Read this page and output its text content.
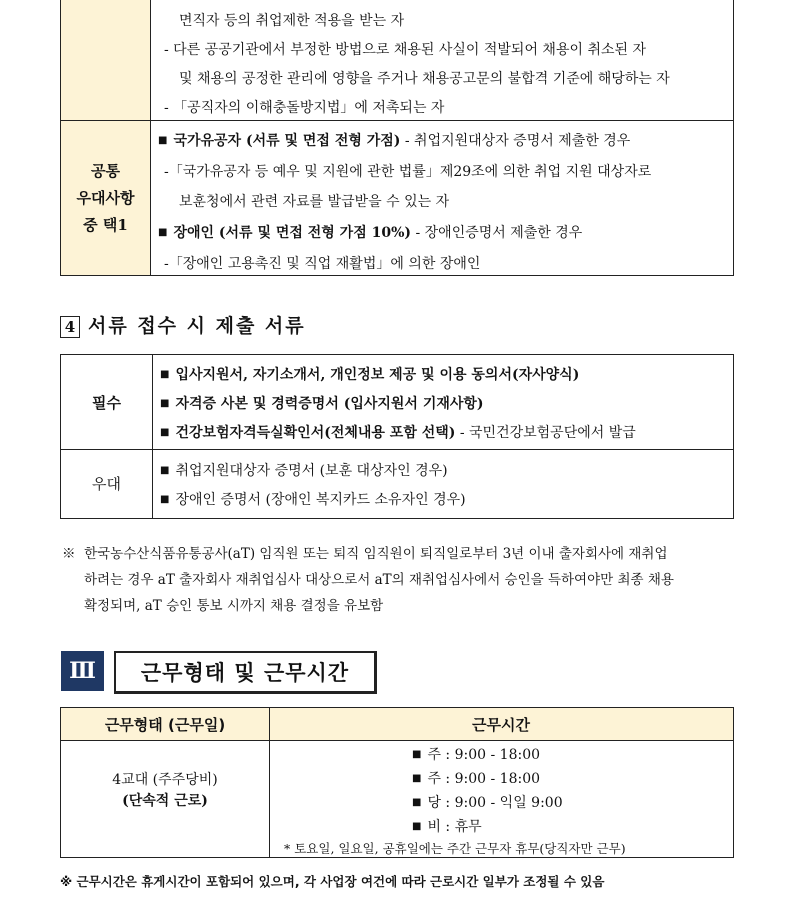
공통
우대사항
중 택1
면직자 등의 취업제한 적용을 받는 자
- 다른 공공기관에서 부정한 방법으로 채용된 사실이 적발되어 채용이 취소된 자
및 채용의 공정한 관리에 영향을 주거나 채용공고문의 불합격 기준에 해당하는 자
- 「공직자의 이해충돌방지법」에 저촉되는 자
■ 국가유공자 (서류 및 면접 전형 가점) - 취업지원대상자 증명서 제출한 경우
-「국가유공자 등 예우 및 지원에 관한 법률」제29조에 의한 취업 지원 대상자로
보훈청에서 관련 자료를 발급받을 수 있는 자
■ 장애인 (서류 및 면접 전형 가점 10%) - 장애인증명서 제출한 경우
-「장애인 고용촉진 및 직업 재활법」에 의한 장애인
4 서류 접수 시 제출 서류
필수
우대
■ 입사지원서, 자기소개서, 개인정보 제공 및 이용 동의서(자사양식)
■ 자격증 사본 및 경력증명서 (입사지원서 기재사항)
■ 건강보험자격득실확인서(전체내용 포함 선택) - 국민건강보험공단에서 발급
■ 취업지원대상자 증명서 (보훈 대상자인 경우)
■ 장애인 증명서 (장애인 복지카드 소유자인 경우)
※ 한국농수산식품유통공사(aT) 임직원 또는 퇴직 임직원이 퇴직일로부터 3년 이내 출자회사에 재취업
하려는 경우 aT 출자회사 재취업심사 대상으로서 aT의 재취업심사에서 승인을 득하여야만 최종 채용
확정되며, aT 승인 통보 시까지 채용 결정을 유보함
Ⅲ	근무형태 및 근무시간
근무형태 (근무일)	근무시간
4교대 (주주당비)
(단속적 근로)
■ 주 : 9:00 - 18:00
■ 주 : 9:00 - 18:00
■ 당 : 9:00 - 익일 9:00
■ 비 : 휴무
* 토요일, 일요일, 공휴일에는 주간 근무자 휴무(당직자만 근무)
※ 근무시간은 휴게시간이 포함되어 있으며, 각 사업장 여건에 따라 근로시간 일부가 조정될 수 있음
